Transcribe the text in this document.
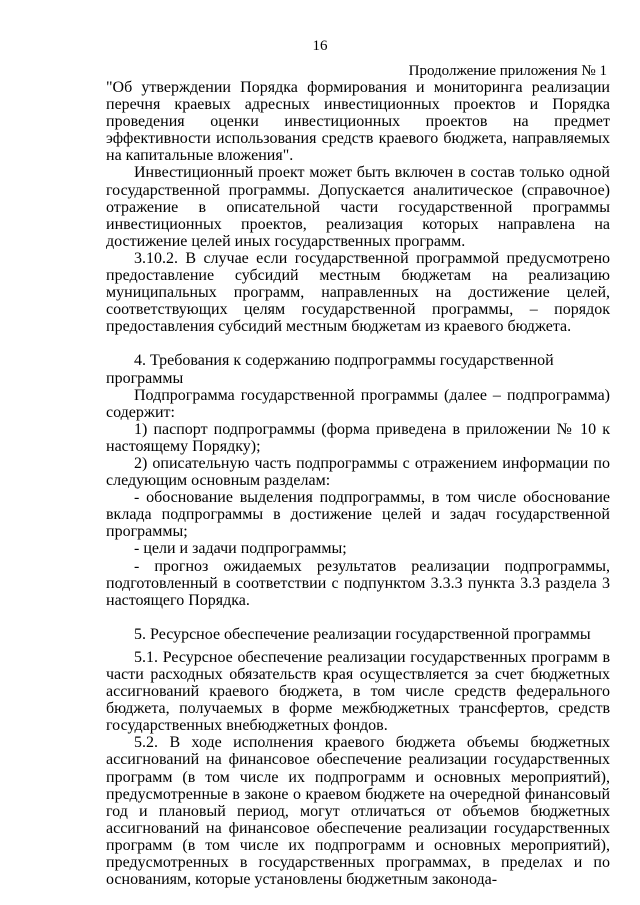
16
Продолжение приложения № 1

"Об утверждении Порядка формирования и мониторинга реализации перечня краевых адресных инвестиционных проектов и Порядка проведения оценки инвестиционных проектов на предмет эффективности использования средств краевого бюджета, направляемых на капитальные вложения".

Инвестиционный проект может быть включен в состав только одной государственной программы. Допускается аналитическое (справочное) отражение в описательной части государственной программы инвестиционных проектов, реализация которых направлена на достижение целей иных государственных программ.

3.10.2. В случае если государственной программой предусмотрено предоставление субсидий местным бюджетам на реализацию муниципальных программ, направленных на достижение целей, соответствующих целям государственной программы, – порядок предоставления субсидий местным бюджетам из краевого бюджета.

4. Требования к содержанию подпрограммы государственной программы

Подпрограмма государственной программы (далее – подпрограмма) содержит:

1) паспорт подпрограммы (форма приведена в приложении № 10 к настоящему Порядку);

2) описательную часть подпрограммы с отражением информации по следующим основным разделам:

- обоснование выделения подпрограммы, в том числе обоснование вклада подпрограммы в достижение целей и задач государственной программы;

- цели и задачи подпрограммы;

- прогноз ожидаемых результатов реализации подпрограммы, подготовленный в соответствии с подпунктом 3.3.3 пункта 3.3 раздела 3 настоящего Порядка.

5. Ресурсное обеспечение реализации государственной программы

5.1. Ресурсное обеспечение реализации государственных программ в части расходных обязательств края осуществляется за счет бюджетных ассигнований краевого бюджета, в том числе средств федерального бюджета, получаемых в форме межбюджетных трансфертов, средств государственных внебюджетных фондов.

5.2. В ходе исполнения краевого бюджета объемы бюджетных ассигнований на финансовое обеспечение реализации государственных программ (в том числе их подпрограмм и основных мероприятий), предусмотренные в законе о краевом бюджете на очередной финансовый год и плановый период, могут отличаться от объемов бюджетных ассигнований на финансовое обеспечение реализации государственных программ (в том числе их подпрограмм и основных мероприятий), предусмотренных в государственных программах, в пределах и по основаниям, которые установлены бюджетным законода-
